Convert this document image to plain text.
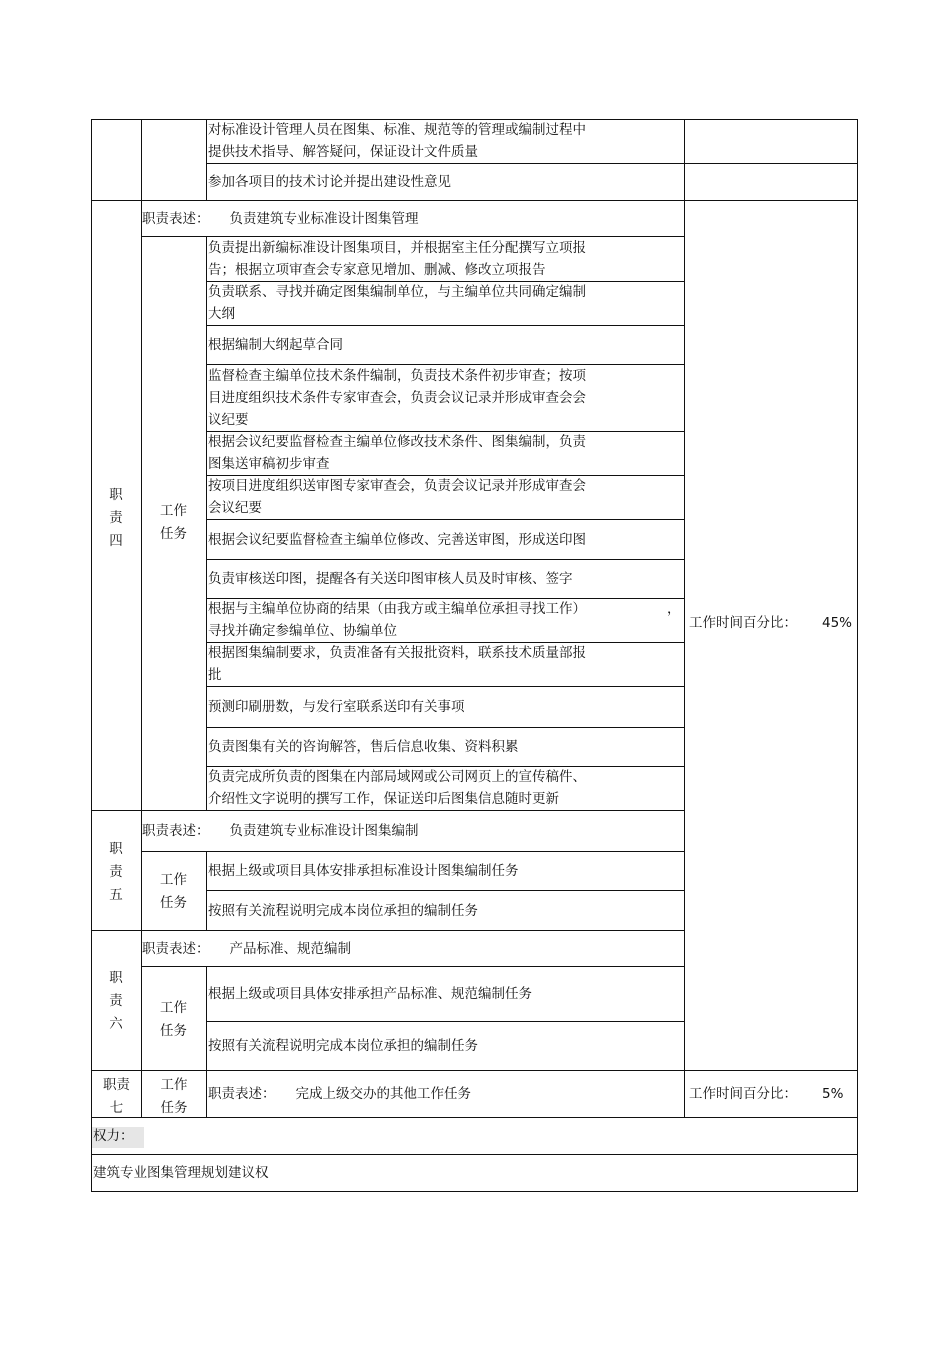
对标准设计管理人员在图集、标准、规范等的管理或编制过程中
提供技术指导、解答疑问，保证设计文件质量
参加各项目的技术讨论并提出建设性意见
职
责
四
职责表述： 负责建筑专业标准设计图集管理
工作
任务
负责提出新编标准设计图集项目，并根据室主任分配撰写立项报
告；根据立项审查会专家意见增加、删减、修改立项报告
负责联系、寻找并确定图集编制单位，与主编单位共同确定编制
大纲
根据编制大纲起草合同
监督检查主编单位技术条件编制，负责技术条件初步审查；按项
目进度组织技术条件专家审查会，负责会议记录并形成审查会会
议纪要
根据会议纪要监督检查主编单位修改技术条件、图集编制，负责
图集送审稿初步审查
按项目进度组织送审图专家审查会，负责会议记录并形成审查会
会议纪要
根据会议纪要监督检查主编单位修改、完善送审图，形成送印图
负责审核送印图，提醒各有关送印图审核人员及时审核、签字
根据与主编单位协商的结果（由我方或主编单位承担寻找工作）
寻找并确定参编单位、协编单位
，
根据图集编制要求，负责准备有关报批资料，联系技术质量部报
批
预测印刷册数，与发行室联系送印有关事项
负责图集有关的咨询解答，售后信息收集、资料积累
负责完成所负责的图集在内部局域网或公司网页上的宣传稿件、
介绍性文字说明的撰写工作，保证送印后图集信息随时更新
工作时间百分比： 45%
职
责
五
职责表述： 负责建筑专业标准设计图集编制
工作
任务
根据上级或项目具体安排承担标准设计图集编制任务
按照有关流程说明完成本岗位承担的编制任务
职
责
六
职责表述： 产品标准、规范编制
工作
任务
根据上级或项目具体安排承担产品标准、规范编制任务
按照有关流程说明完成本岗位承担的编制任务
职责
七
工作
任务
职责表述： 完成上级交办的其他工作任务	工作时间百分比： 5%
权力：
建筑专业图集管理规划建议权
